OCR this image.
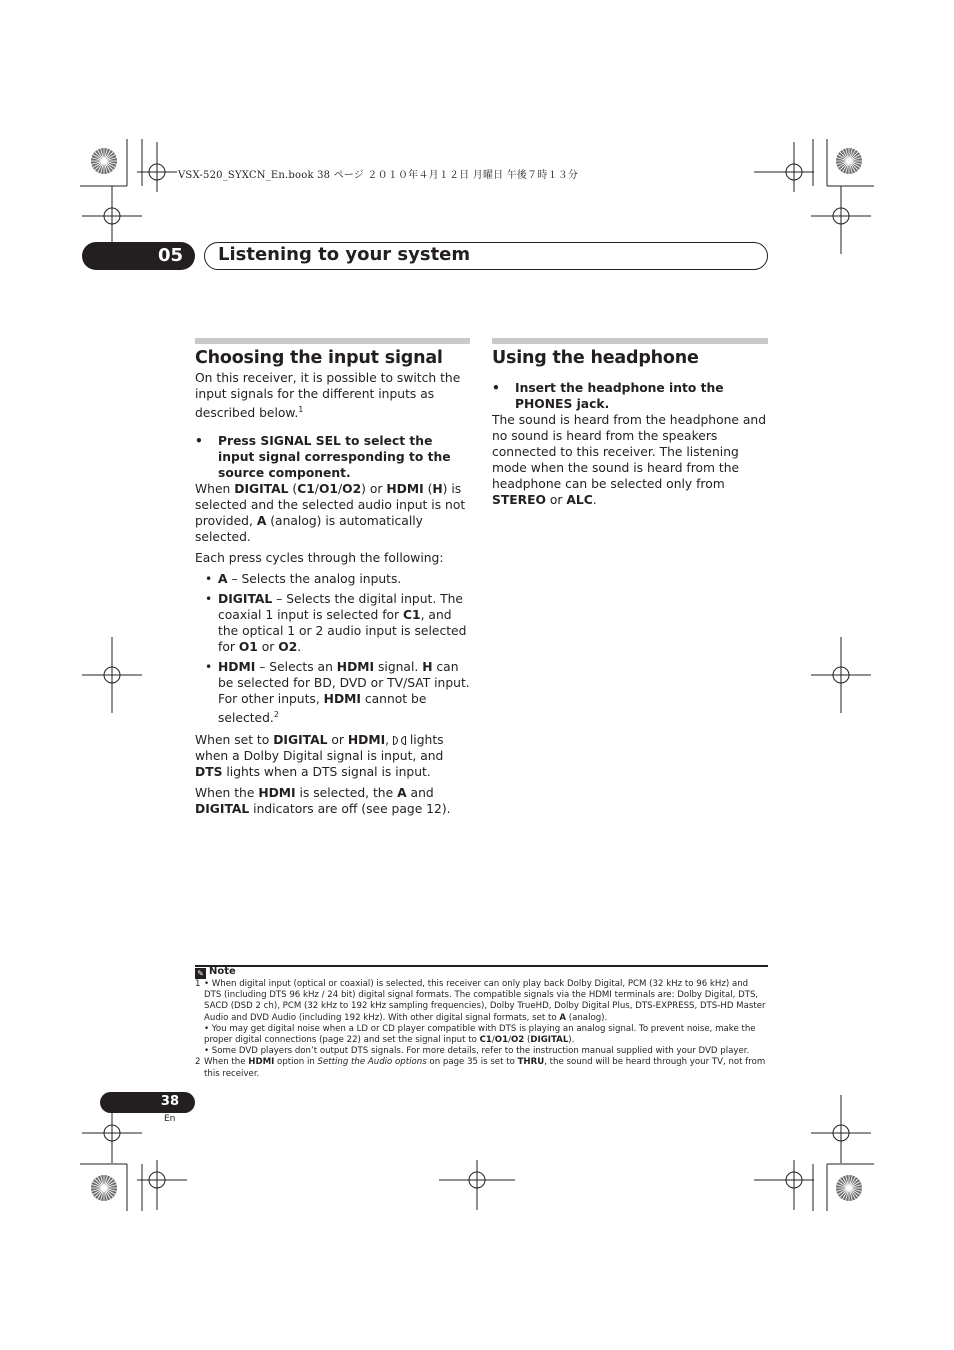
VSX-520_SYXCN_En.book 38 ページ ２０１０年４月１２日 月曜日 午後７時１３分
05 Listening to your system
Choosing the input signal

On this receiver, it is possible to switch the input signals for the different inputs as described below.$^1$

• Press SIGNAL SEL to select the input signal corresponding to the source component.

When DIGITAL (C1/O1/O2) or HDMI (H) is selected and the selected audio input is not provided, A (analog) is automatically selected.

Each press cycles through the following:

• A – Selects the analog inputs.
• DIGITAL – Selects the digital input. The coaxial 1 input is selected for C1, and the optical 1 or 2 audio input is selected for O1 or O2.
• HDMI – Selects an HDMI signal. H can be selected for BD, DVD or TV/SAT input. For other inputs, HDMI cannot be selected.$^2$

When set to DIGITAL or HDMI,  lights when a Dolby Digital signal is input, and DTS lights when a DTS signal is input.

When the HDMI is selected, the A and DIGITAL indicators are off (see page 12).

Using the headphone

• Insert the headphone into the PHONES jack.

The sound is heard from the headphone and no sound is heard from the speakers connected to this receiver. The listening mode when the sound is heard from the headphone can be selected only from STEREO or ALC.

✎ Note
1 • When digital input (optical or coaxial) is selected, this receiver can only play back Dolby Digital, PCM (32 kHz to 96 kHz) and DTS (including DTS 96 kHz / 24 bit) digital signal formats. The compatible signals via the HDMI terminals are: Dolby Digital, DTS, SACD (DSD 2 ch), PCM (32 kHz to 192 kHz sampling frequencies), Dolby TrueHD, Dolby Digital Plus, DTS-EXPRESS, DTS-HD Master Audio and DVD Audio (including 192 kHz). With other digital signal formats, set to A (analog).
• You may get digital noise when a LD or CD player compatible with DTS is playing an analog signal. To prevent noise, make the proper digital connections (page 22) and set the signal input to C1/O1/O2 (DIGITAL).
• Some DVD players don’t output DTS signals. For more details, refer to the instruction manual supplied with your DVD player.
2 When the HDMI option in Setting the Audio options on page 35 is set to THRU, the sound will be heard through your TV, not from this receiver.
38
En
